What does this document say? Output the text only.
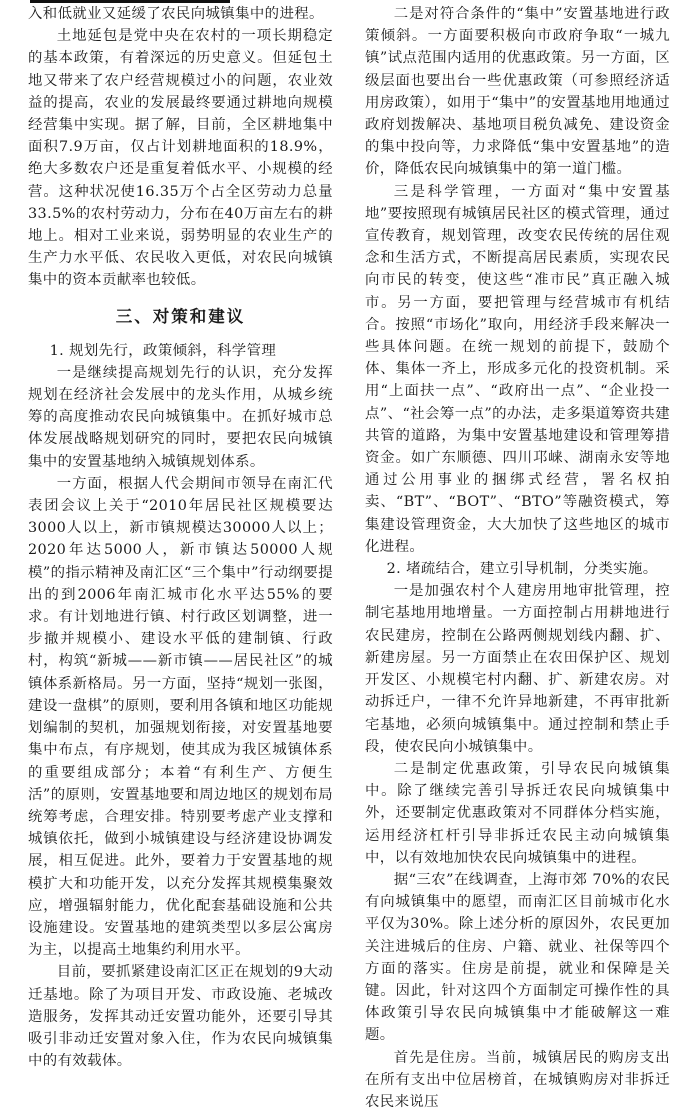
入和低就业又延缓了农民向城镇集中的进程。

土地延包是党中央在农村的一项长期稳定的基本政策，有着深远的历史意义。但延包土地又带来了农户经营规模过小的问题，农业效益的提高，农业的发展最终要通过耕地向规模经营集中实现。据了解，目前，全区耕地集中面积7.9万亩，仅占计划耕地面积的18.9%，绝大多数农户还是重复着低水平、小规模的经营。这种状况使16.35万个占全区劳动力总量33.5%的农村劳动力，分布在40万亩左右的耕地上。相对工业来说，弱势明显的农业生产的生产力水平低、农民收入更低，对农民向城镇集中的资本贡献率也较低。

三、对策和建议

1. 规划先行，政策倾斜，科学管理

一是继续提高规划先行的认识，充分发挥规划在经济社会发展中的龙头作用，从城乡统筹的高度推动农民向城镇集中。在抓好城市总体发展战略规划研究的同时，要把农民向城镇集中的安置基地纳入城镇规划体系。

一方面，根据人代会期间市领导在南汇代表团会议上关于“2010年居民社区规模要达3000人以上，新市镇规模达30000人以上；2020年达5000人，新市镇达50000人规模”的指示精神及南汇区“三个集中”行动纲要提出的到2006年南汇城市化水平达55%的要求。有计划地进行镇、村行政区划调整，进一步撤并规模小、建设水平低的建制镇、行政村，构筑“新城——新市镇——居民社区”的城镇体系新格局。另一方面，坚持“规划一张图，建设一盘棋”的原则，要利用各镇和地区功能规划编制的契机，加强规划衔接，对安置基地要集中布点，有序规划，使其成为我区城镇体系的重要组成部分；本着“有利生产、方便生活”的原则，安置基地要和周边地区的规划布局统筹考虑，合理安排。特别要考虑产业支撑和城镇依托，做到小城镇建设与经济建设协调发展，相互促进。此外，要着力于安置基地的规模扩大和功能开发，以充分发挥其规模集聚效应，增强辐射能力，优化配套基础设施和公共设施建设。安置基地的建筑类型以多层公寓房为主，以提高土地集约利用水平。

目前，要抓紧建设南汇区正在规划的9大动迁基地。除了为项目开发、市政设施、老城改造服务，发挥其动迁安置功能外，还要引导其吸引非动迁安置对象入住，作为农民向城镇集中的有效载体。

二是对符合条件的“集中”安置基地进行政策倾斜。一方面要积极向市政府争取“一城九镇”试点范围内适用的优惠政策。另一方面，区级层面也要出台一些优惠政策（可参照经济适用房政策），如用于“集中”的安置基地用地通过政府划拨解决、基地项目税负减免、建设资金的集中投向等，力求降低“集中安置基地”的造价，降低农民向城镇集中的第一道门槛。

三是科学管理，一方面对“集中安置基地”要按照现有城镇居民社区的模式管理，通过宣传教育，规划管理，改变农民传统的居住观念和生活方式，不断提高居民素质，实现农民向市民的转变，使这些“准市民”真正融入城市。另一方面，要把管理与经营城市有机结合。按照“市场化”取向，用经济手段来解决一些具体问题。在统一规划的前提下，鼓励个体、集体一齐上，形成多元化的投资机制。采用“上面扶一点”、“政府出一点”、“企业投一点”、“社会筹一点”的办法，走多渠道筹资共建共管的道路，为集中安置基地建设和管理筹措资金。如广东顺德、四川邛崃、湖南永安等地通过公用事业的捆绑式经营，署名权拍卖、“BT”、“BOT”、“BTO”等融资模式，筹集建设管理资金，大大加快了这些地区的城市化进程。

2. 堵疏结合，建立引导机制，分类实施。

一是加强农村个人建房用地审批管理，控制宅基地用地增量。一方面控制占用耕地进行农民建房，控制在公路两侧规划线内翻、扩、新建房屋。另一方面禁止在农田保护区、规划开发区、小规模宅村内翻、扩、新建农房。对动拆迁户，一律不允许异地新建，不再审批新宅基地，必须向城镇集中。通过控制和禁止手段，使农民向小城镇集中。

二是制定优惠政策，引导农民向城镇集中。除了继续完善引导拆迁农民向城镇集中外，还要制定优惠政策对不同群体分档实施，运用经济杠杆引导非拆迁农民主动向城镇集中，以有效地加快农民向城镇集中的进程。

据“三农”在线调查，上海市郊 70%的农民有向城镇集中的愿望，而南汇区目前城市化水平仅为30%。除上述分析的原因外，农民更加关注进城后的住房、户籍、就业、社保等四个方面的落实。住房是前提，就业和保障是关键。因此，针对这四个方面制定可操作性的具体政策引导农民向城镇集中才能破解这一难题。

首先是住房。当前，城镇居民的购房支出在所有支出中位居榜首，在城镇购房对非拆迁农民来说压
